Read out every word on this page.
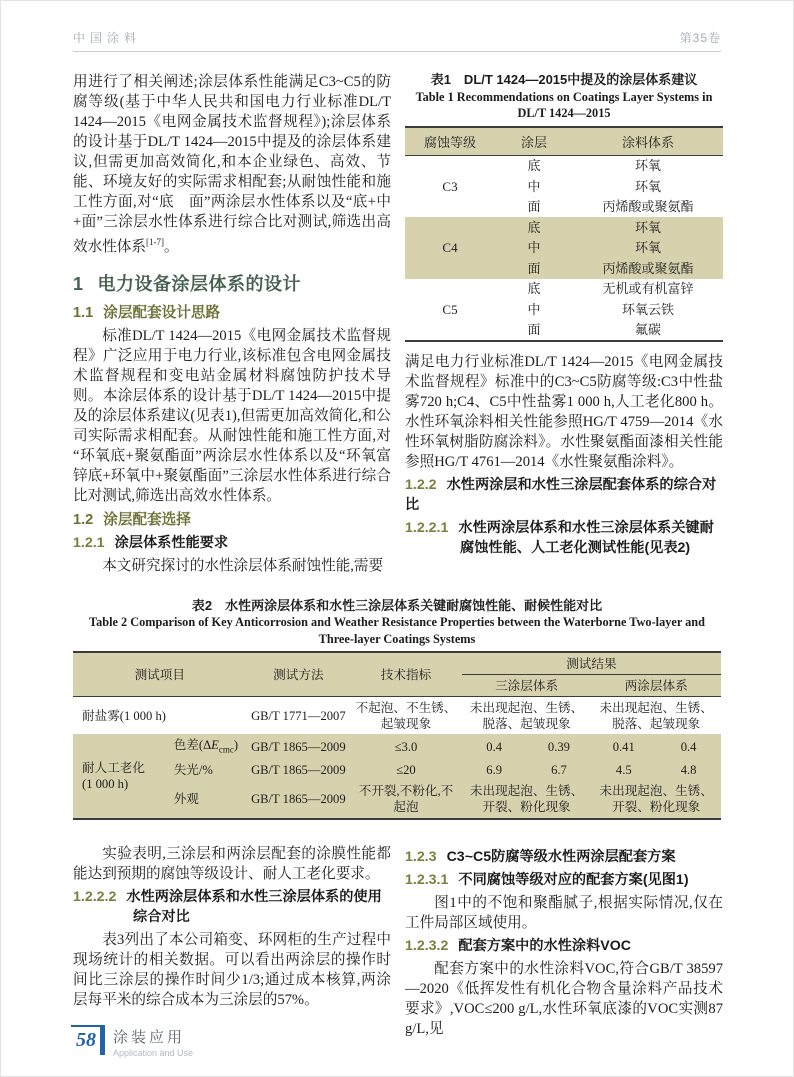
中国涂料	第35卷

用进行了相关阐述;涂层体系性能满足C3~C5的防腐等级(基于中华人民共和国电力行业标准DL/T 1424—2015《电网金属技术监督规程》);涂层体系的设计基于DL/T 1424—2015中提及的涂层体系建议,但需更加高效简化,和本企业绿色、高效、节能、环境友好的实际需求相配套;从耐蚀性能和施工性方面,对“底　面”两涂层水性体系以及“底+中+面”三涂层水性体系进行综合比对测试,筛选出高效水性体系[1-7]。

1 电力设备涂层体系的设计
1.1 涂层配套设计思路

标准DL/T 1424—2015《电网金属技术监督规程》广泛应用于电力行业,该标准包含电网金属技术监督规程和变电站金属材料腐蚀防护技术导则。本涂层体系的设计基于DL/T 1424—2015中提及的涂层体系建议(见表1),但需更加高效简化,和公司实际需求相配套。从耐蚀性能和施工性方面,对“环氧底+聚氨酯面”两涂层水性体系以及“环氧富锌底+环氧中+聚氨酯面”三涂层水性体系进行综合比对测试,筛选出高效水性体系。

1.2 涂层配套选择
1.2.1 涂层体系性能要求

本文研究探讨的水性涂层体系耐蚀性能,需要

表1　DL/T 1424—2015中提及的涂层体系建议
Table 1 Recommendations on Coatings Layer Systems in
DL/T 1424—2015
腐蚀等级	涂层	涂料体系
C3	底	环氧
	中	环氧
	面	丙烯酸或聚氨酯
C4	底	环氧
	中	环氧
	面	丙烯酸或聚氨酯
C5	底	无机或有机富锌
	中	环氧云铁
	面	氟碳

满足电力行业标准DL/T 1424—2015《电网金属技术监督规程》标准中的C3~C5防腐等级:C3中性盐雾720 h;C4、C5中性盐雾1 000 h,人工老化800 h。水性环氧涂料相关性能参照HG/T 4759—2014《水性环氧树脂防腐涂料》。水性聚氨酯面漆相关性能参照HG/T 4761—2014《水性聚氨酯涂料》。

1.2.2 水性两涂层和水性三涂层配套体系的综合对比
1.2.2.1 水性两涂层体系和水性三涂层体系关键耐腐蚀性能、人工老化测试性能(见表2)
表2　水性两涂层体系和水性三涂层体系关键耐腐蚀性能、耐候性能对比
Table 2 Comparison of Key Anticorrosion and Weather Resistance Properties between the Waterborne Two-layer and
Three-layer Coatings Systems
测试项目		测试方法	技术指标	测试结果			
				三涂层体系		两涂层体系	
耐盐雾(1 000 h)		GB/T 1771—2007	不起泡、不生锈、起皱现象	未出现起泡、生锈、脱落、起皱现象		未出现起泡、生锈、脱落、起皱现象	
耐人工老化
(1 000 h)	色差$(\Delta E_{cmc})$	GB/T 1865—2009	≤3.0	0.4	0.39	0.41	0.4
	失光/%	GB/T 1865—2009	≤20	6.9	6.7	4.5	4.8
	外观	GB/T 1865—2009	不开裂,不粉化,不起泡	未出现起泡、生锈、开裂、粉化现象		未出现起泡、生锈、开裂、粉化现象	

实验表明,三涂层和两涂层配套的涂膜性能都能达到预期的腐蚀等级设计、耐人工老化要求。

1.2.2.2 水性两涂层体系和水性三涂层体系的使用综合对比

表3列出了本公司箱变、环网柜的生产过程中现场统计的相关数据。可以看出两涂层的操作时间比三涂层的操作时间少1/3;通过成本核算,两涂层每平米的综合成本为三涂层的57%。

1.2.3 C3~C5防腐等级水性两涂层配套方案
1.2.3.1 不同腐蚀等级对应的配套方案(见图1)

图1中的不饱和聚酯腻子,根据实际情况,仅在工件局部区域使用。

1.2.3.2 配套方案中的水性涂料VOC

配套方案中的水性涂料VOC,符合GB/T 38597—2020《低挥发性有机化合物含量涂料产品技术要求》,VOC≤200 g/L,水性环氧底漆的VOC实测87 g/L,见

58	涂装应用
Application and Use
